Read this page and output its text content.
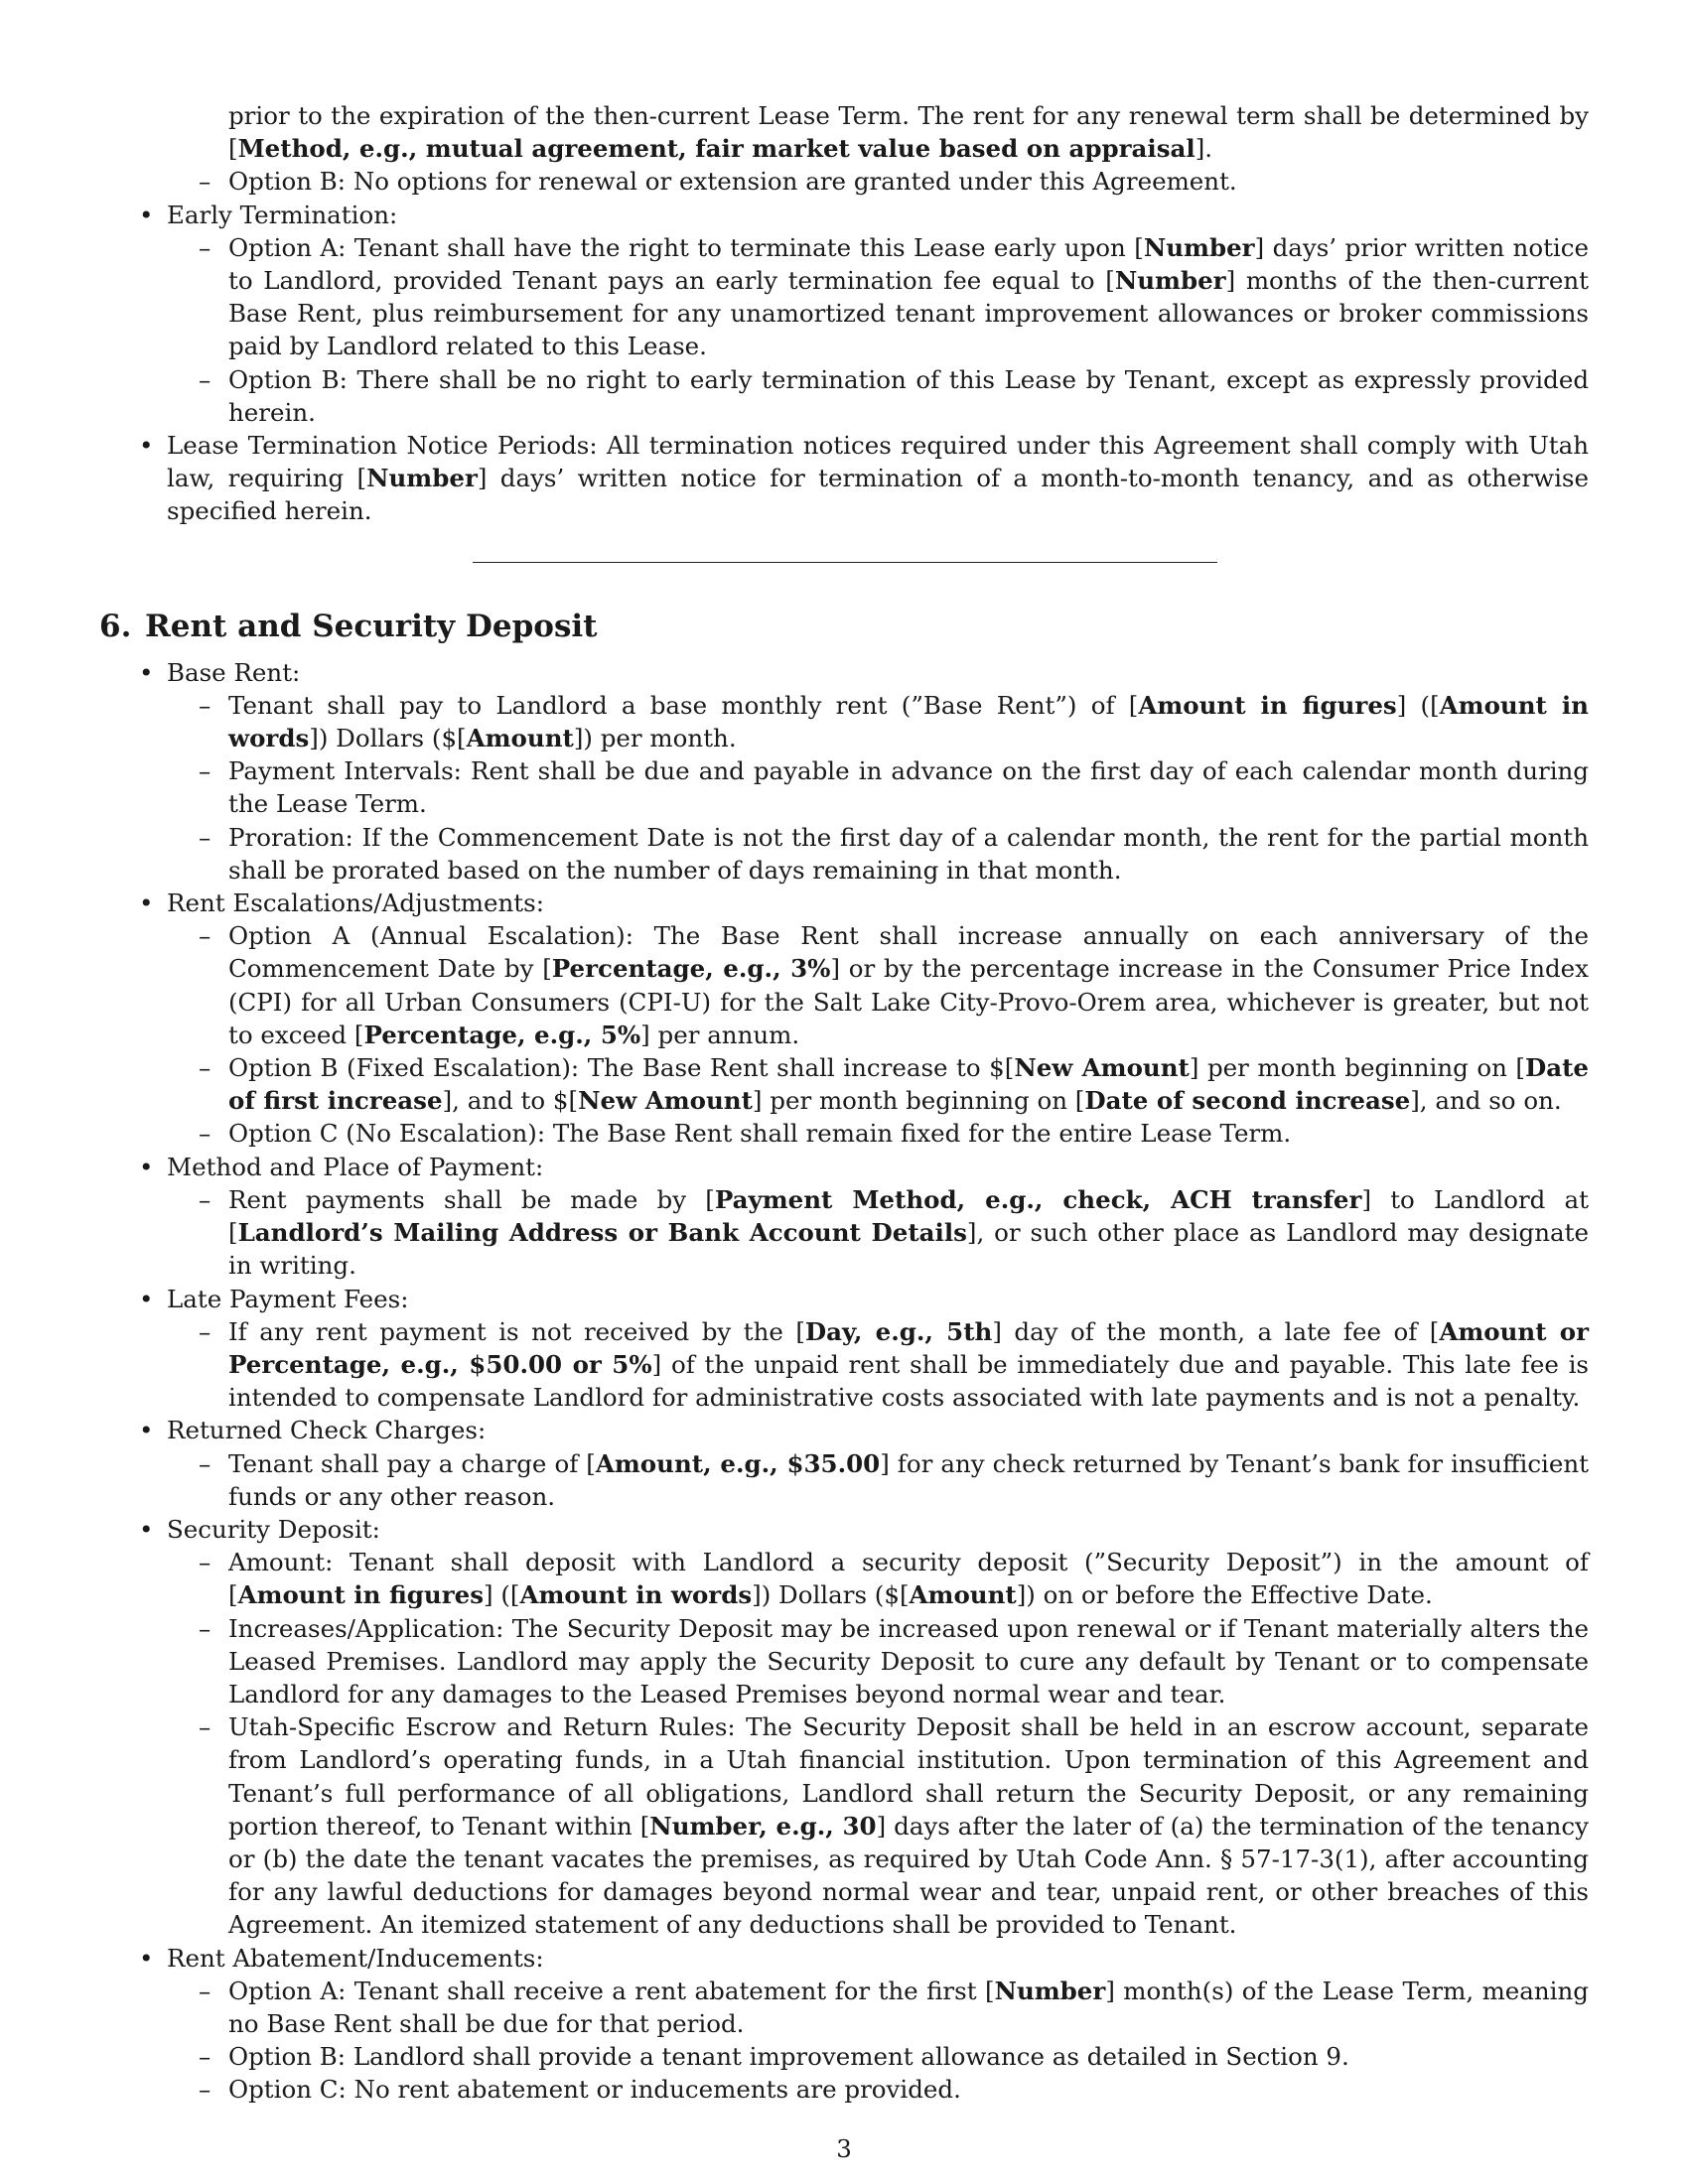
prior to the expiration of the then-current Lease Term. The rent for any renewal term shall be determined by [Method, e.g., mutual agreement, fair market value based on appraisal].
– Option B: No options for renewal or extension are granted under this Agreement.
• Early Termination:
– Option A: Tenant shall have the right to terminate this Lease early upon [Number] days’ prior written notice to Landlord, provided Tenant pays an early termination fee equal to [Number] months of the then-current Base Rent, plus reimbursement for any unamortized tenant improvement allowances or broker commissions paid by Landlord related to this Lease.
– Option B: There shall be no right to early termination of this Lease by Tenant, except as expressly provided herein.
• Lease Termination Notice Periods: All termination notices required under this Agreement shall comply with Utah law, requiring [Number] days’ written notice for termination of a month-to-month tenancy, and as otherwise specified herein.
6. Rent and Security Deposit
• Base Rent:
– Tenant shall pay to Landlord a base monthly rent (”Base Rent”) of [Amount in figures] ([Amount in words]) Dollars ($[Amount]) per month.
– Payment Intervals: Rent shall be due and payable in advance on the first day of each calendar month during the Lease Term.
– Proration: If the Commencement Date is not the first day of a calendar month, the rent for the partial month shall be prorated based on the number of days remaining in that month.
• Rent Escalations/Adjustments:
– Option A (Annual Escalation): The Base Rent shall increase annually on each anniversary of the Commencement Date by [Percentage, e.g., 3%] or by the percentage increase in the Consumer Price Index (CPI) for all Urban Consumers (CPI-U) for the Salt Lake City-Provo-Orem area, whichever is greater, but not to exceed [Percentage, e.g., 5%] per annum.
– Option B (Fixed Escalation): The Base Rent shall increase to $[New Amount] per month beginning on [Date of first increase], and to $[New Amount] per month beginning on [Date of second increase], and so on.
– Option C (No Escalation): The Base Rent shall remain fixed for the entire Lease Term.
• Method and Place of Payment:
– Rent payments shall be made by [Payment Method, e.g., check, ACH transfer] to Landlord at [Landlord’s Mailing Address or Bank Account Details], or such other place as Landlord may designate in writing.
• Late Payment Fees:
– If any rent payment is not received by the [Day, e.g., 5th] day of the month, a late fee of [Amount or Percentage, e.g., $50.00 or 5%] of the unpaid rent shall be immediately due and payable. This late fee is intended to compensate Landlord for administrative costs associated with late payments and is not a penalty.
• Returned Check Charges:
– Tenant shall pay a charge of [Amount, e.g., $35.00] for any check returned by Tenant’s bank for insufficient funds or any other reason.
• Security Deposit:
– Amount: Tenant shall deposit with Landlord a security deposit (”Security Deposit”) in the amount of [Amount in figures] ([Amount in words]) Dollars ($[Amount]) on or before the Effective Date.
– Increases/Application: The Security Deposit may be increased upon renewal or if Tenant materially alters the Leased Premises. Landlord may apply the Security Deposit to cure any default by Tenant or to compensate Landlord for any damages to the Leased Premises beyond normal wear and tear.
– Utah-Specific Escrow and Return Rules: The Security Deposit shall be held in an escrow account, separate from Landlord’s operating funds, in a Utah financial institution. Upon termination of this Agreement and Tenant’s full performance of all obligations, Landlord shall return the Security Deposit, or any remaining portion thereof, to Tenant within [Number, e.g., 30] days after the later of (a) the termination of the tenancy or (b) the date the tenant vacates the premises, as required by Utah Code Ann. § 57-17-3(1), after accounting for any lawful deductions for damages beyond normal wear and tear, unpaid rent, or other breaches of this Agreement. An itemized statement of any deductions shall be provided to Tenant.
• Rent Abatement/Inducements:
– Option A: Tenant shall receive a rent abatement for the first [Number] month(s) of the Lease Term, meaning no Base Rent shall be due for that period.
– Option B: Landlord shall provide a tenant improvement allowance as detailed in Section 9.
– Option C: No rent abatement or inducements are provided.
3
